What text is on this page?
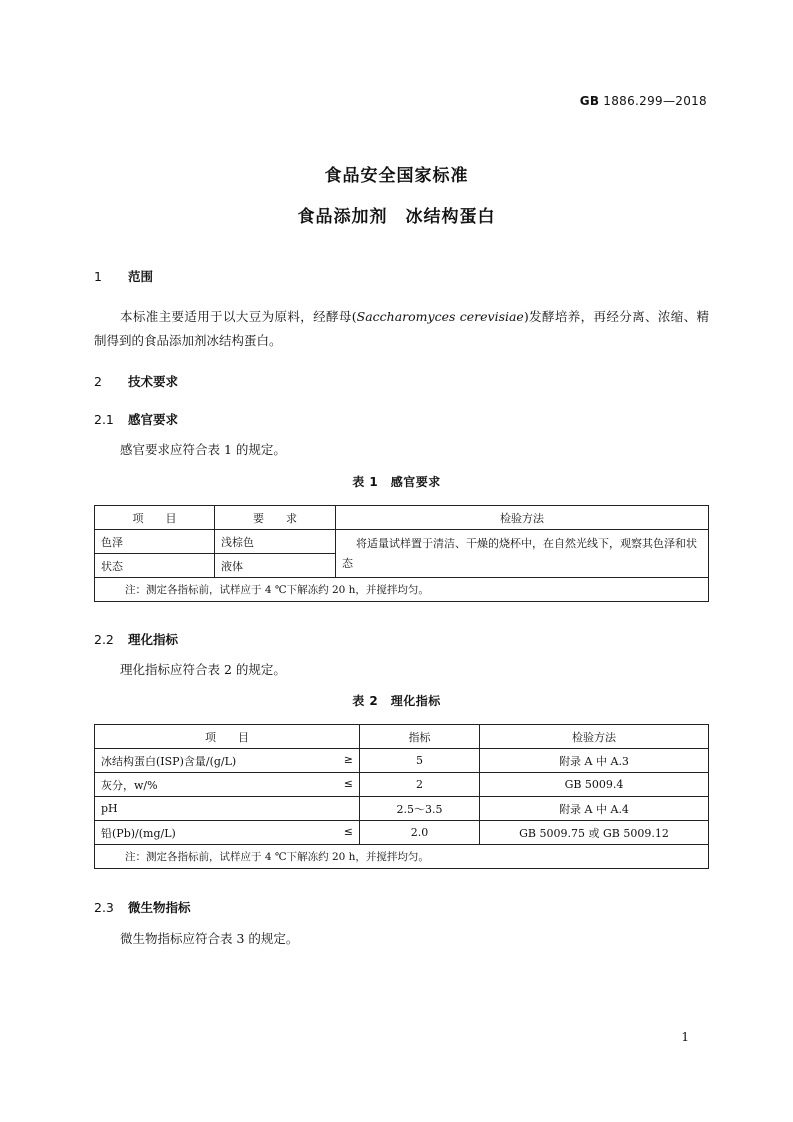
GB 1886.299—2018
食品安全国家标准
食品添加剂　冰结构蛋白
1 范围
本标准主要适用于以大豆为原料，经酵母(Saccharomyces cerevisiae)发酵培养，再经分离、浓缩、精制得到的食品添加剂冰结构蛋白。
2 技术要求
2.1 感官要求
感官要求应符合表 1 的规定。
表 1　感官要求
项　　目	要　　求	检验方法
色泽	浅棕色	将适量试样置于清洁、干燥的烧杯中，在自然光线下，观察其色泽和状态
状态	液体	
注：测定各指标前，试样应于 4 ℃下解冻约 20 h，并搅拌均匀。		
2.2 理化指标
理化指标应符合表 2 的规定。
表 2　理化指标
项　　目	指标	检验方法
冰结构蛋白(ISP)含量/(g/L) ≥	5	附录 A 中 A.3
灰分，w/% ≤	2	GB 5009.4
pH	2.5～3.5	附录 A 中 A.4
铅(Pb)/(mg/L) ≤	2.0	GB 5009.75 或 GB 5009.12
注：测定各指标前，试样应于 4 ℃下解冻约 20 h，并搅拌均匀。		
2.3 微生物指标
微生物指标应符合表 3 的规定。
1
